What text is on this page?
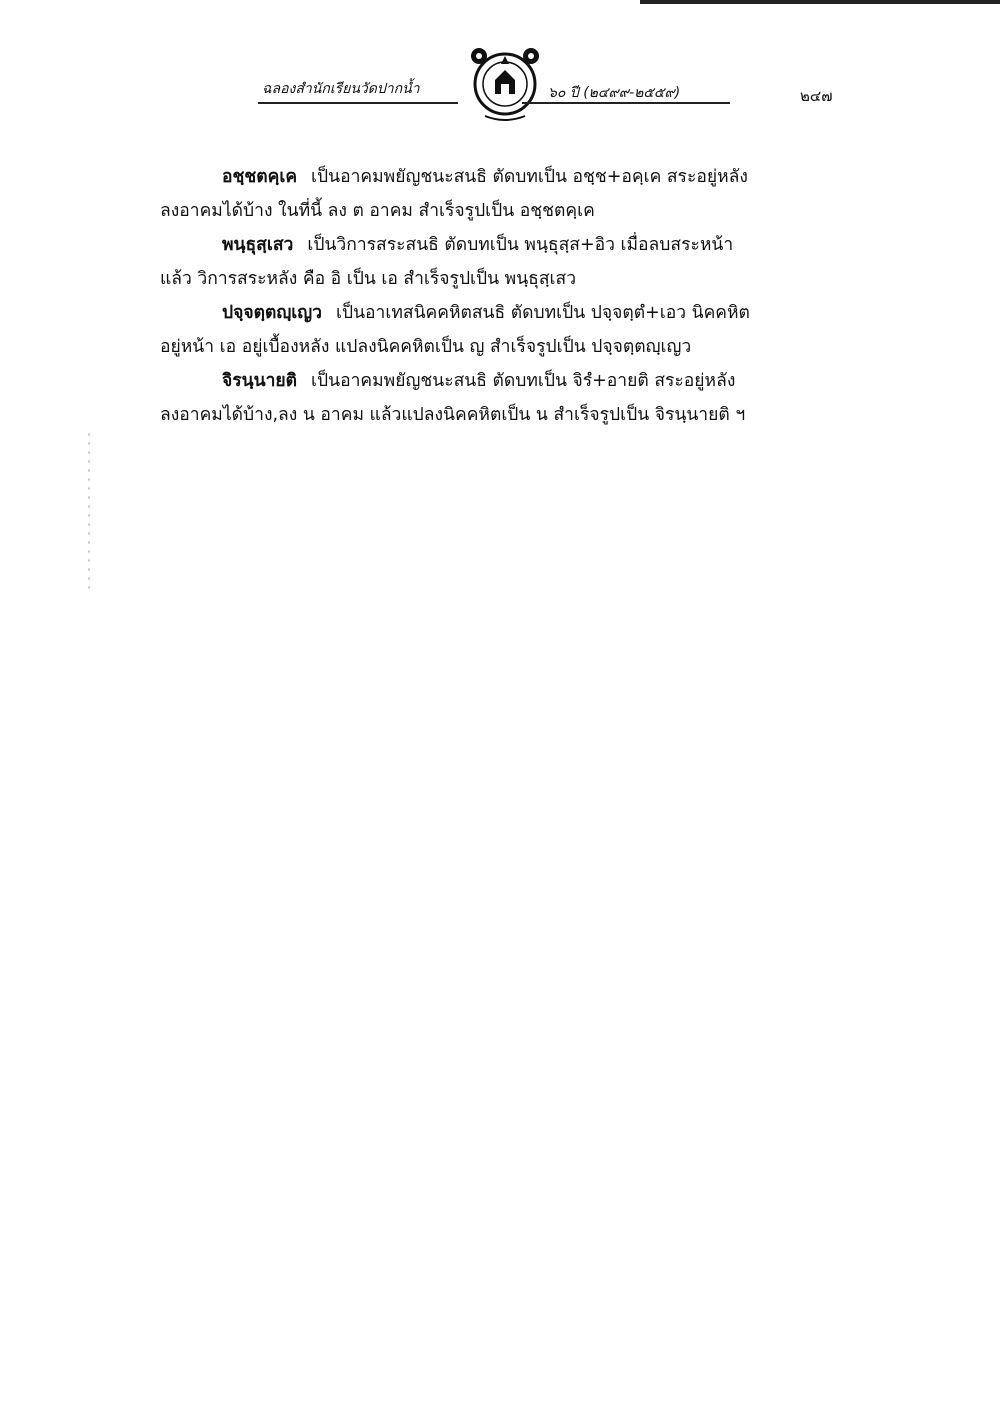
ฉลองสำนักเรียนวัดปากน้ำ	๖๐ ปี (๒๔๙๙-๒๕๕๙)	๒๔๗

อชฺชตคฺเค เป็นอาคมพยัญชนะสนธิ ตัดบทเป็น อชฺช+อคฺเค สระอยู่หลัง
ลงอาคมได้บ้าง ในที่นี้ ลง ต อาคม สำเร็จรูปเป็น อชฺชตคฺเค

พนฺธุสฺเสว เป็นวิการสระสนธิ ตัดบทเป็น พนฺธุสฺส+อิว เมื่อลบสระหน้า
แล้ว วิการสระหลัง คือ อิ เป็น เอ สำเร็จรูปเป็น พนฺธุสฺเสว

ปจฺจตฺตญฺเญว เป็นอาเทสนิคคหิตสนธิ ตัดบทเป็น ปจฺจตฺตํ+เอว นิคคหิต
อยู่หน้า เอ อยู่เบื้องหลัง แปลงนิคคหิตเป็น ญ สำเร็จรูปเป็น ปจฺจตฺตญฺเญว

จิรนฺนายติ เป็นอาคมพยัญชนะสนธิ ตัดบทเป็น จิรํ+อายติ สระอยู่หลัง
ลงอาคมได้บ้าง,ลง น อาคม แล้วแปลงนิคคหิตเป็น น สำเร็จรูปเป็น จิรนฺนายติ ฯ
